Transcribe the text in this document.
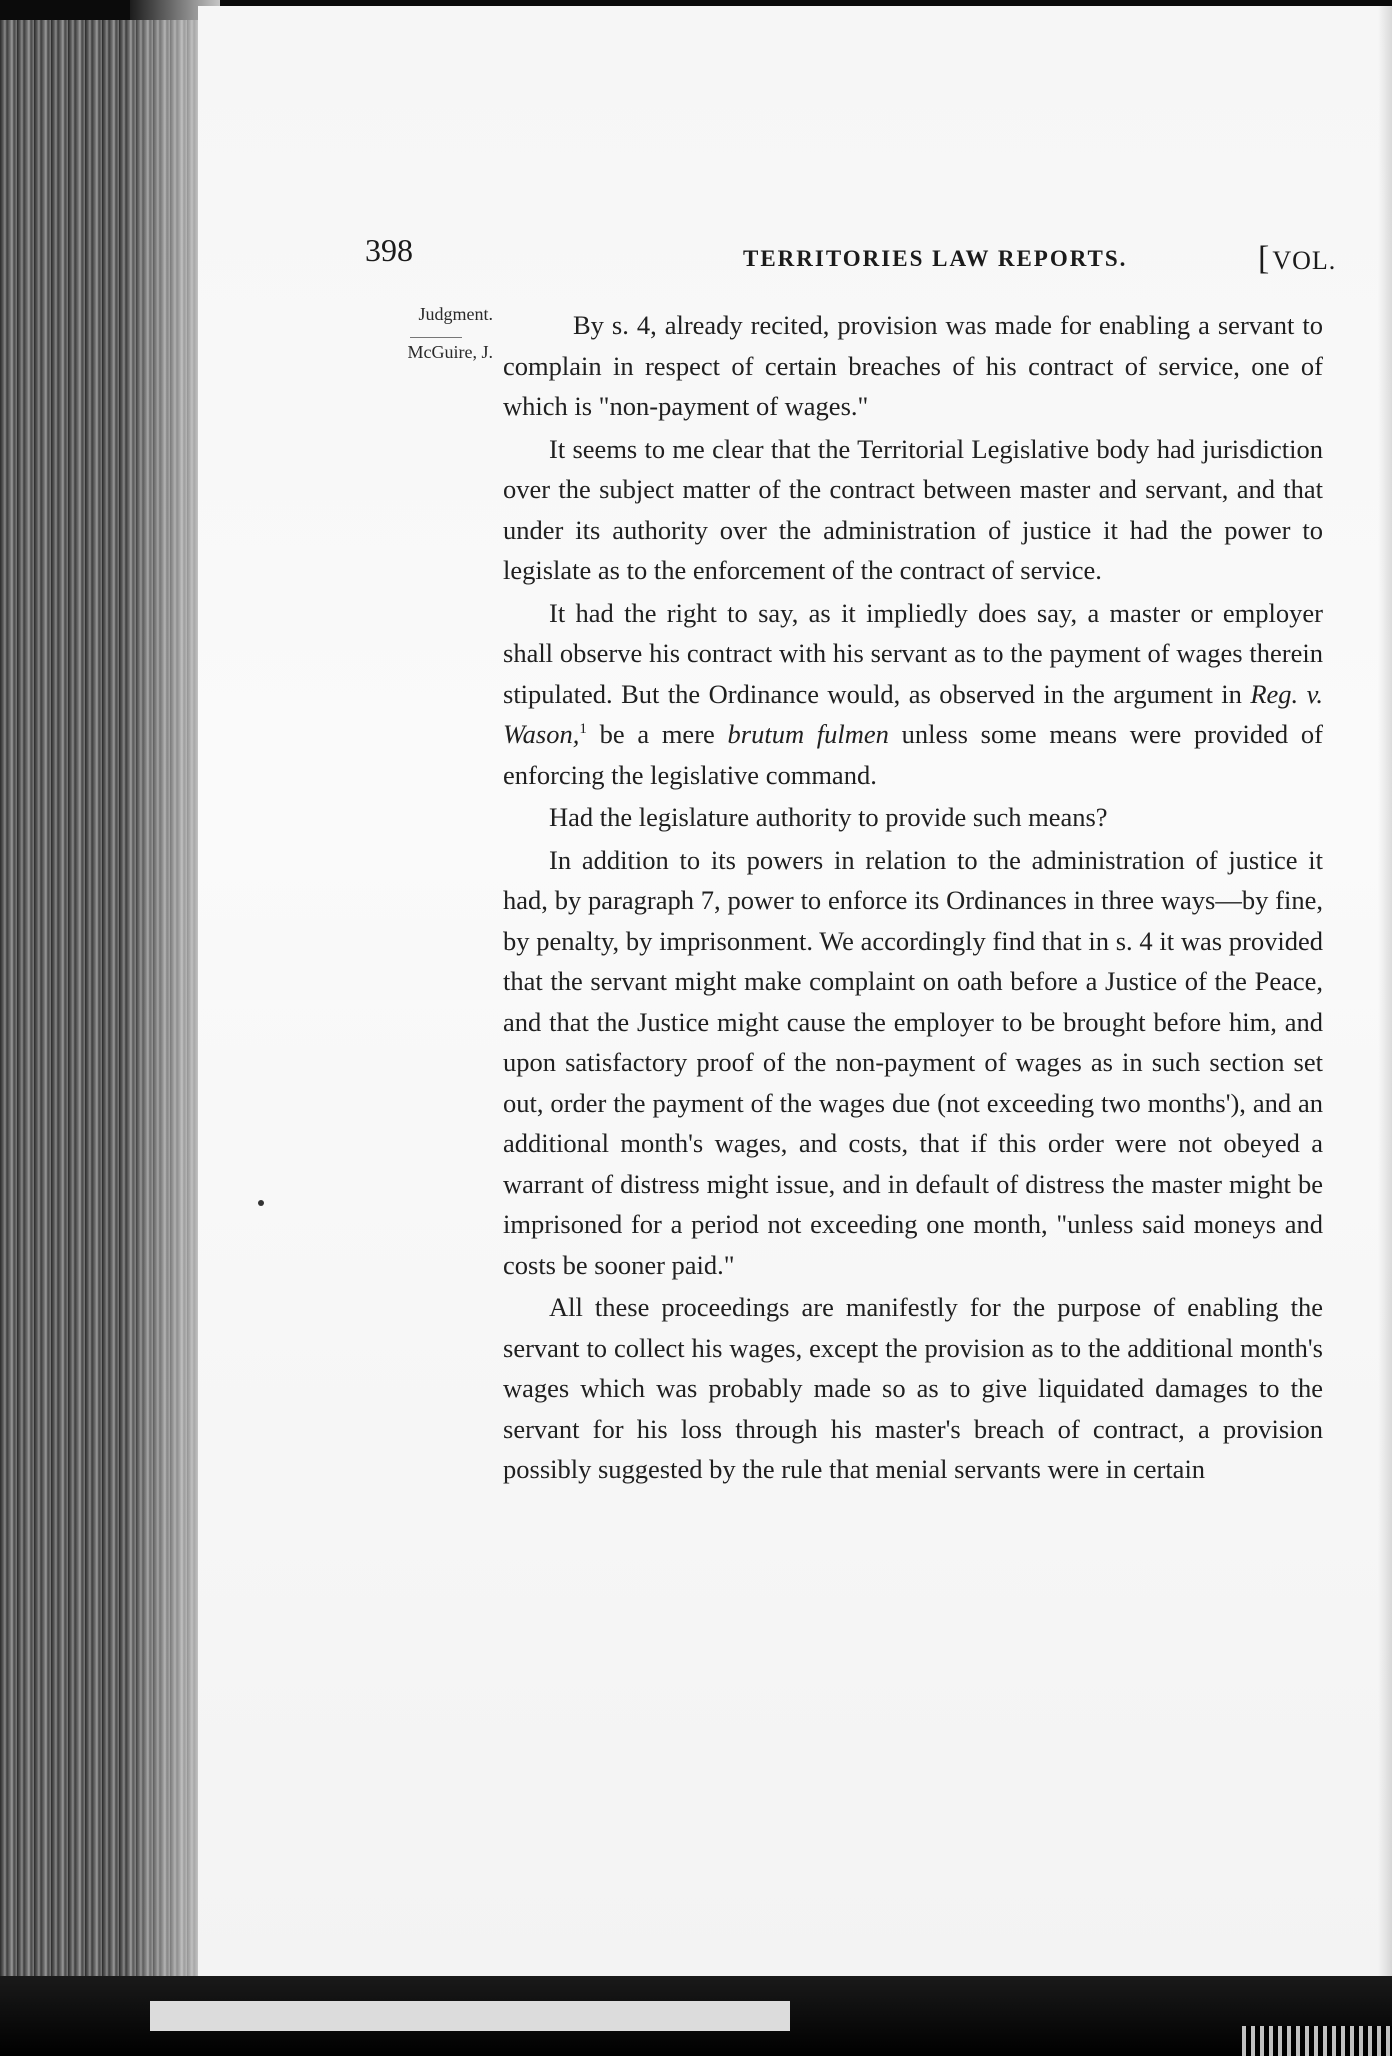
398	TERRITORIES LAW REPORTS.	[VOL.
Judgment.
McGuire, J.

By s. 4, already recited, provision was made for enabling a servant to complain in respect of certain breaches of his contract of service, one of which is "non-payment of wages."

It seems to me clear that the Territorial Legislative body had jurisdiction over the subject matter of the contract between master and servant, and that under its authority over the administration of justice it had the power to legislate as to the enforcement of the contract of service.

It had the right to say, as it impliedly does say, a master or employer shall observe his contract with his servant as to the payment of wages therein stipulated. But the Ordinance would, as observed in the argument in Reg. v. Wason,$^1$ be a mere brutum fulmen unless some means were provided of enforcing the legislative command.

Had the legislature authority to provide such means?

In addition to its powers in relation to the administration of justice it had, by paragraph 7, power to enforce its Ordinances in three ways—by fine, by penalty, by imprisonment. We accordingly find that in s. 4 it was provided that the servant might make complaint on oath before a Justice of the Peace, and that the Justice might cause the employer to be brought before him, and upon satisfactory proof of the non-payment of wages as in such section set out, order the payment of the wages due (not exceeding two months'), and an additional month's wages, and costs, that if this order were not obeyed a warrant of distress might issue, and in default of distress the master might be imprisoned for a period not exceeding one month, "unless said moneys and costs be sooner paid."

All these proceedings are manifestly for the purpose of enabling the servant to collect his wages, except the provision as to the additional month's wages which was probably made so as to give liquidated damages to the servant for his loss through his master's breach of contract, a provision possibly suggested by the rule that menial servants were in certain
